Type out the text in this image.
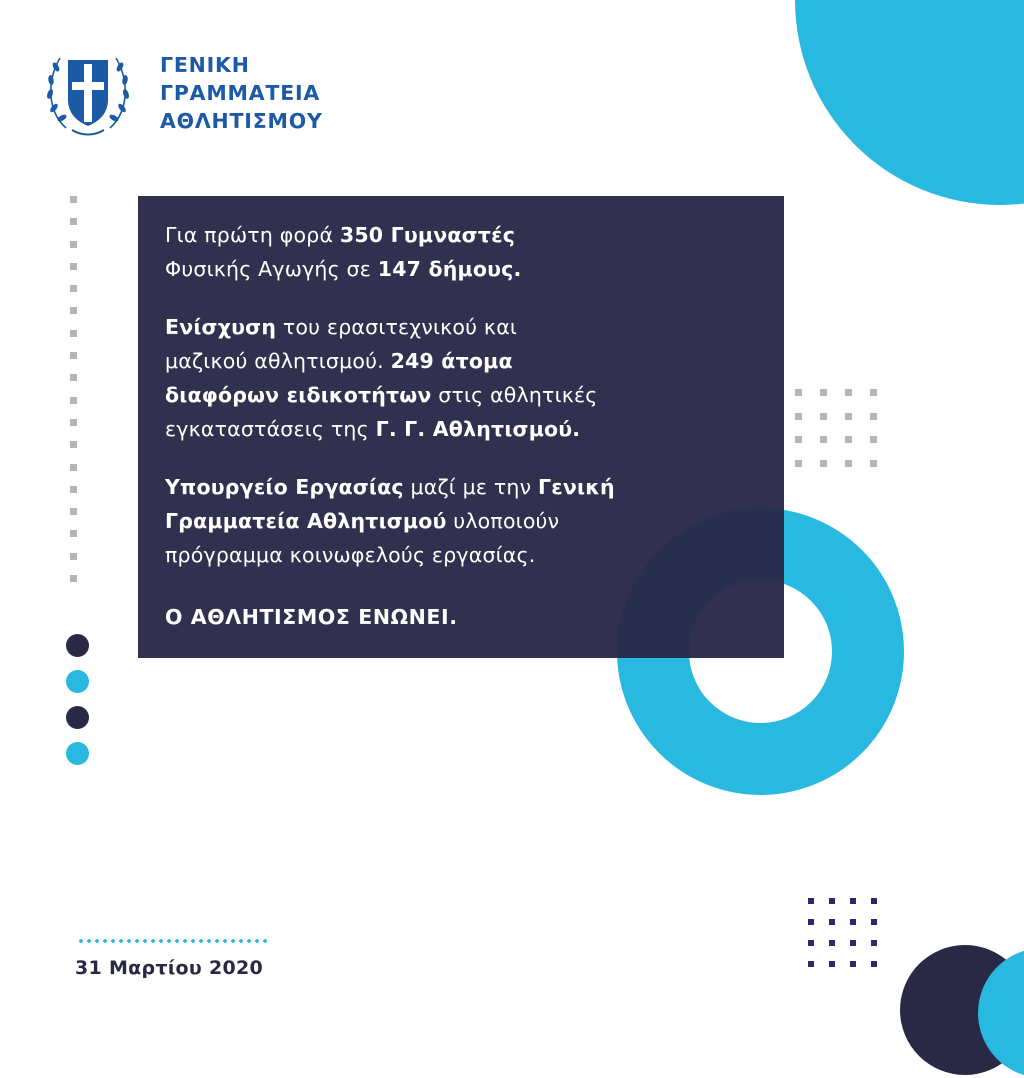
ΓΕΝΙΚΗ
ΓΡΑΜΜΑΤΕΙΑ
ΑΘΛΗΤΙΣΜΟΥ

Για πρώτη φορά 350 Γυμναστές
Φυσικής Αγωγής σε 147 δήμους.

Ενίσχυση του ερασιτεχνικού και
μαζικού αθλητισμού. 249 άτομα
διαφόρων ειδικοτήτων στις αθλητικές
εγκαταστάσεις της Γ. Γ. Αθλητισμού.

Υπουργείο Εργασίας μαζί με την Γενική
Γραμματεία Αθλητισμού υλοποιούν
πρόγραμμα κοινωφελούς εργασίας.

Ο ΑΘΛΗΤΙΣΜΟΣ ΕΝΩΝΕΙ.
31 Μαρτίου 2020
